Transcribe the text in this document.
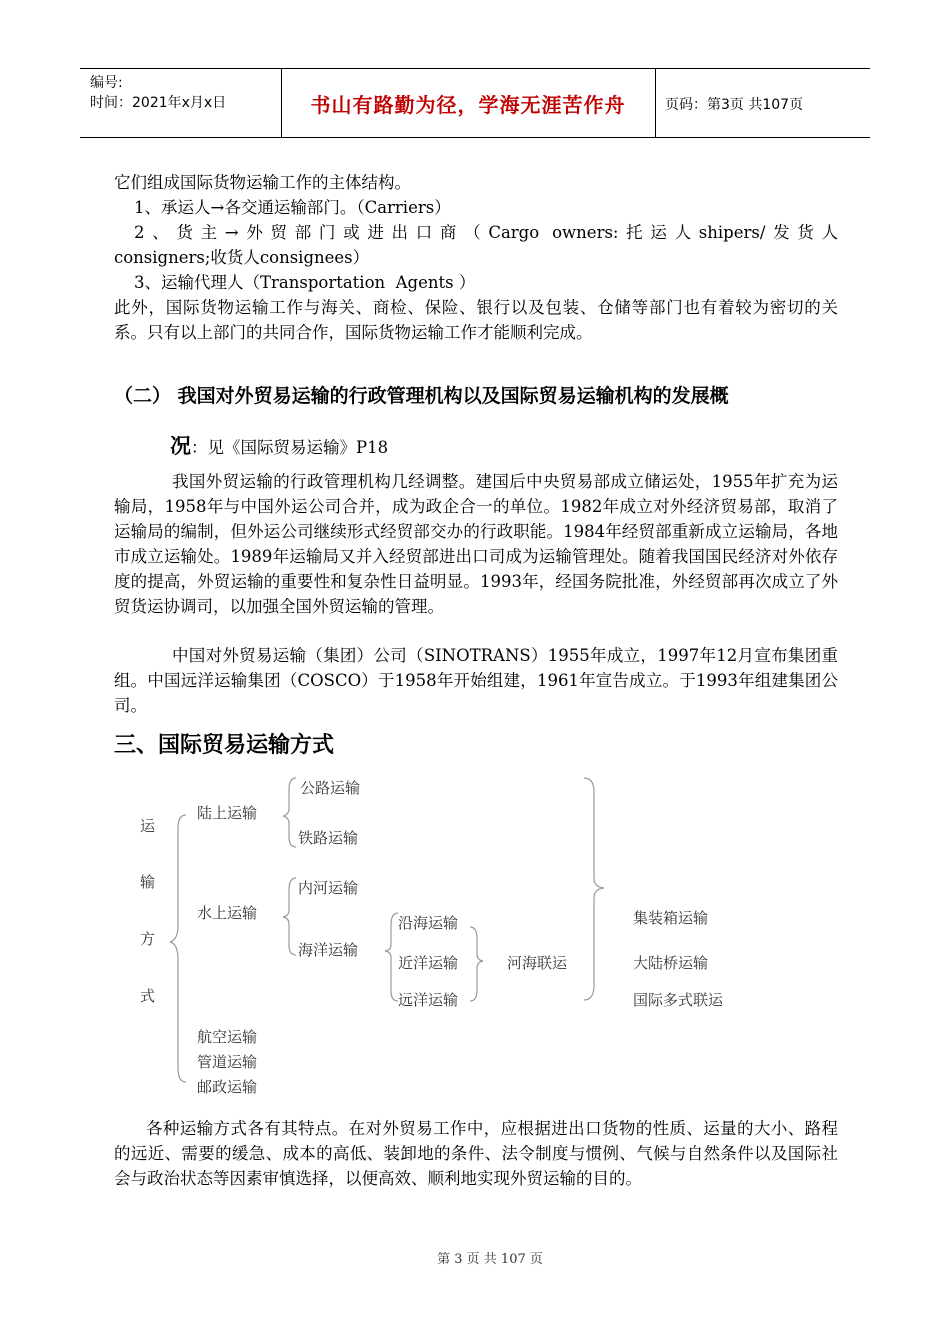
编号:
时间：2021年x月x日	书山有路勤为径，学海无涯苦作舟	页码：第3页 共107页
它们组成国际货物运输工作的主体结构。
1、承运人→各交通运输部门。（Carriers）
2、货主→外贸部门或进出口商（Cargo owners:托运人shipers/发货人
consigners;收货人consignees）
3、运输代理人（Transportation  Agents ）
此外，国际货物运输工作与海关、商检、保险、银行以及包装、仓储等部门也有着较为密切的关系。只有以上部门的共同合作，国际货物运输工作才能顺利完成。
（二） 我国对外贸易运输的行政管理机构以及国际贸易运输机构的发展概
况：见《国际贸易运输》P18
我国外贸运输的行政管理机构几经调整。建国后中央贸易部成立储运处，1955年扩充为运输局，1958年与中国外运公司合并，成为政企合一的单位。1982年成立对外经济贸易部，取消了运输局的编制，但外运公司继续形式经贸部交办的行政职能。1984年经贸部重新成立运输局，各地市成立运输处。1989年运输局又并入经贸部进出口司成为运输管理处。随着我国国民经济对外依存度的提高，外贸运输的重要性和复杂性日益明显。1993年，经国务院批准，外经贸部再次成立了外贸货运协调司，以加强全国外贸运输的管理。
中国对外贸易运输（集团）公司（SINOTRANS）1955年成立，1997年12月宣布集团重组。中国远洋运输集团（COSCO）于1958年开始组建，1961年宣告成立。于1993年组建集团公司。
三、国际贸易运输方式
运
输
方
式
陆上运输
公路运输
铁路运输
水上运输
内河运输
海洋运输
沿海运输
近洋运输
远洋运输
河海联运
集装箱运输
大陆桥运输
国际多式联运
航空运输
管道运输
邮政运输
各种运输方式各有其特点。在对外贸易工作中，应根据进出口货物的性质、运量的大小、路程的远近、需要的缓急、成本的高低、装卸地的条件、法令制度与惯例、气候与自然条件以及国际社会与政治状态等因素审慎选择，以便高效、顺利地实现外贸运输的目的。
第 3 页 共 107 页
